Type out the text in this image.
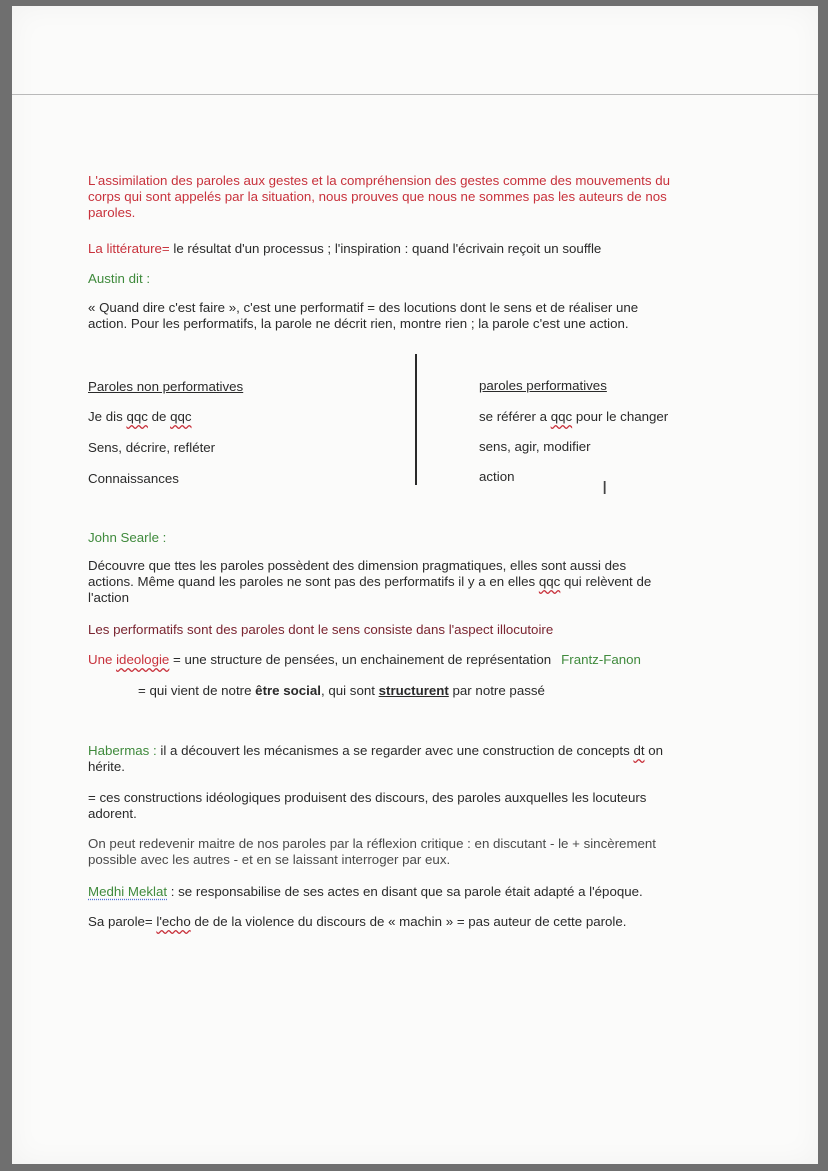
L'assimilation des paroles aux gestes et la compréhension des gestes comme des mouvements du
corps qui sont appelés par la situation, nous prouves que nous ne sommes pas les auteurs de nos
paroles.
La littérature= le résultat d'un processus ; l'inspiration : quand l'écrivain reçoit un souffle
Austin dit :
« Quand dire c'est faire », c'est une performatif = des locutions dont le sens et de réaliser une
action. Pour les performatifs, la parole ne décrit rien, montre rien ; la parole c'est une action.
Paroles non performatives
Je dis qqc de qqc
Sens, décrire, refléter
Connaissances
paroles performatives
se référer a qqc pour le changer
sens, agir, modifier
action
Ⅰ
John Searle :
Découvre que ttes les paroles possèdent des dimension pragmatiques, elles sont aussi des
actions. Même quand les paroles ne sont pas des performatifs il y a en elles qqc qui relèvent de
l'action
Les performatifs sont des paroles dont le sens consiste dans l'aspect illocutoire
Une ideologie = une structure de pensées, un enchainement de représentation Frantz-Fanon
= qui vient de notre être social, qui sont structurent par notre passé
Habermas : il a découvert les mécanismes a se regarder avec une construction de concepts dt on
hérite.
= ces constructions idéologiques produisent des discours, des paroles auxquelles les locuteurs
adorent.
On peut redevenir maitre de nos paroles par la réflexion critique : en discutant - le + sincèrement
possible avec les autres - et en se laissant interroger par eux.
Medhi Meklat : se responsabilise de ses actes en disant que sa parole était adapté a l'époque.
Sa parole= l'echo de de la violence du discours de « machin » = pas auteur de cette parole.
